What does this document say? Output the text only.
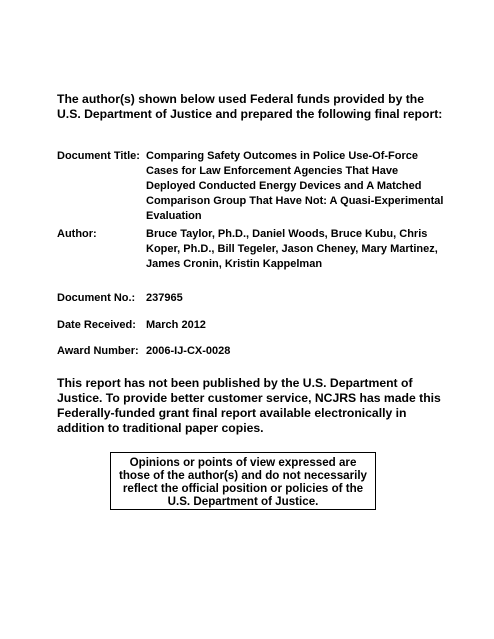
The author(s) shown below used Federal funds provided by the U.S. Department of Justice and prepared the following final report:
Document Title: Comparing Safety Outcomes in Police Use-Of-Force Cases for Law Enforcement Agencies That Have Deployed Conducted Energy Devices and A Matched Comparison Group That Have Not: A Quasi-Experimental Evaluation
Author:	Bruce Taylor, Ph.D., Daniel Woods, Bruce Kubu, Chris Koper, Ph.D., Bill Tegeler, Jason Cheney, Mary Martinez, James Cronin, Kristin Kappelman
Document No.: 237965
Date Received: March 2012
Award Number: 2006-IJ-CX-0028
This report has not been published by the U.S. Department of Justice. To provide better customer service, NCJRS has made this Federally-funded grant final report available electronically in addition to traditional paper copies.
Opinions or points of view expressed are those of the author(s) and do not necessarily reflect the official position or policies of the U.S. Department of Justice.
